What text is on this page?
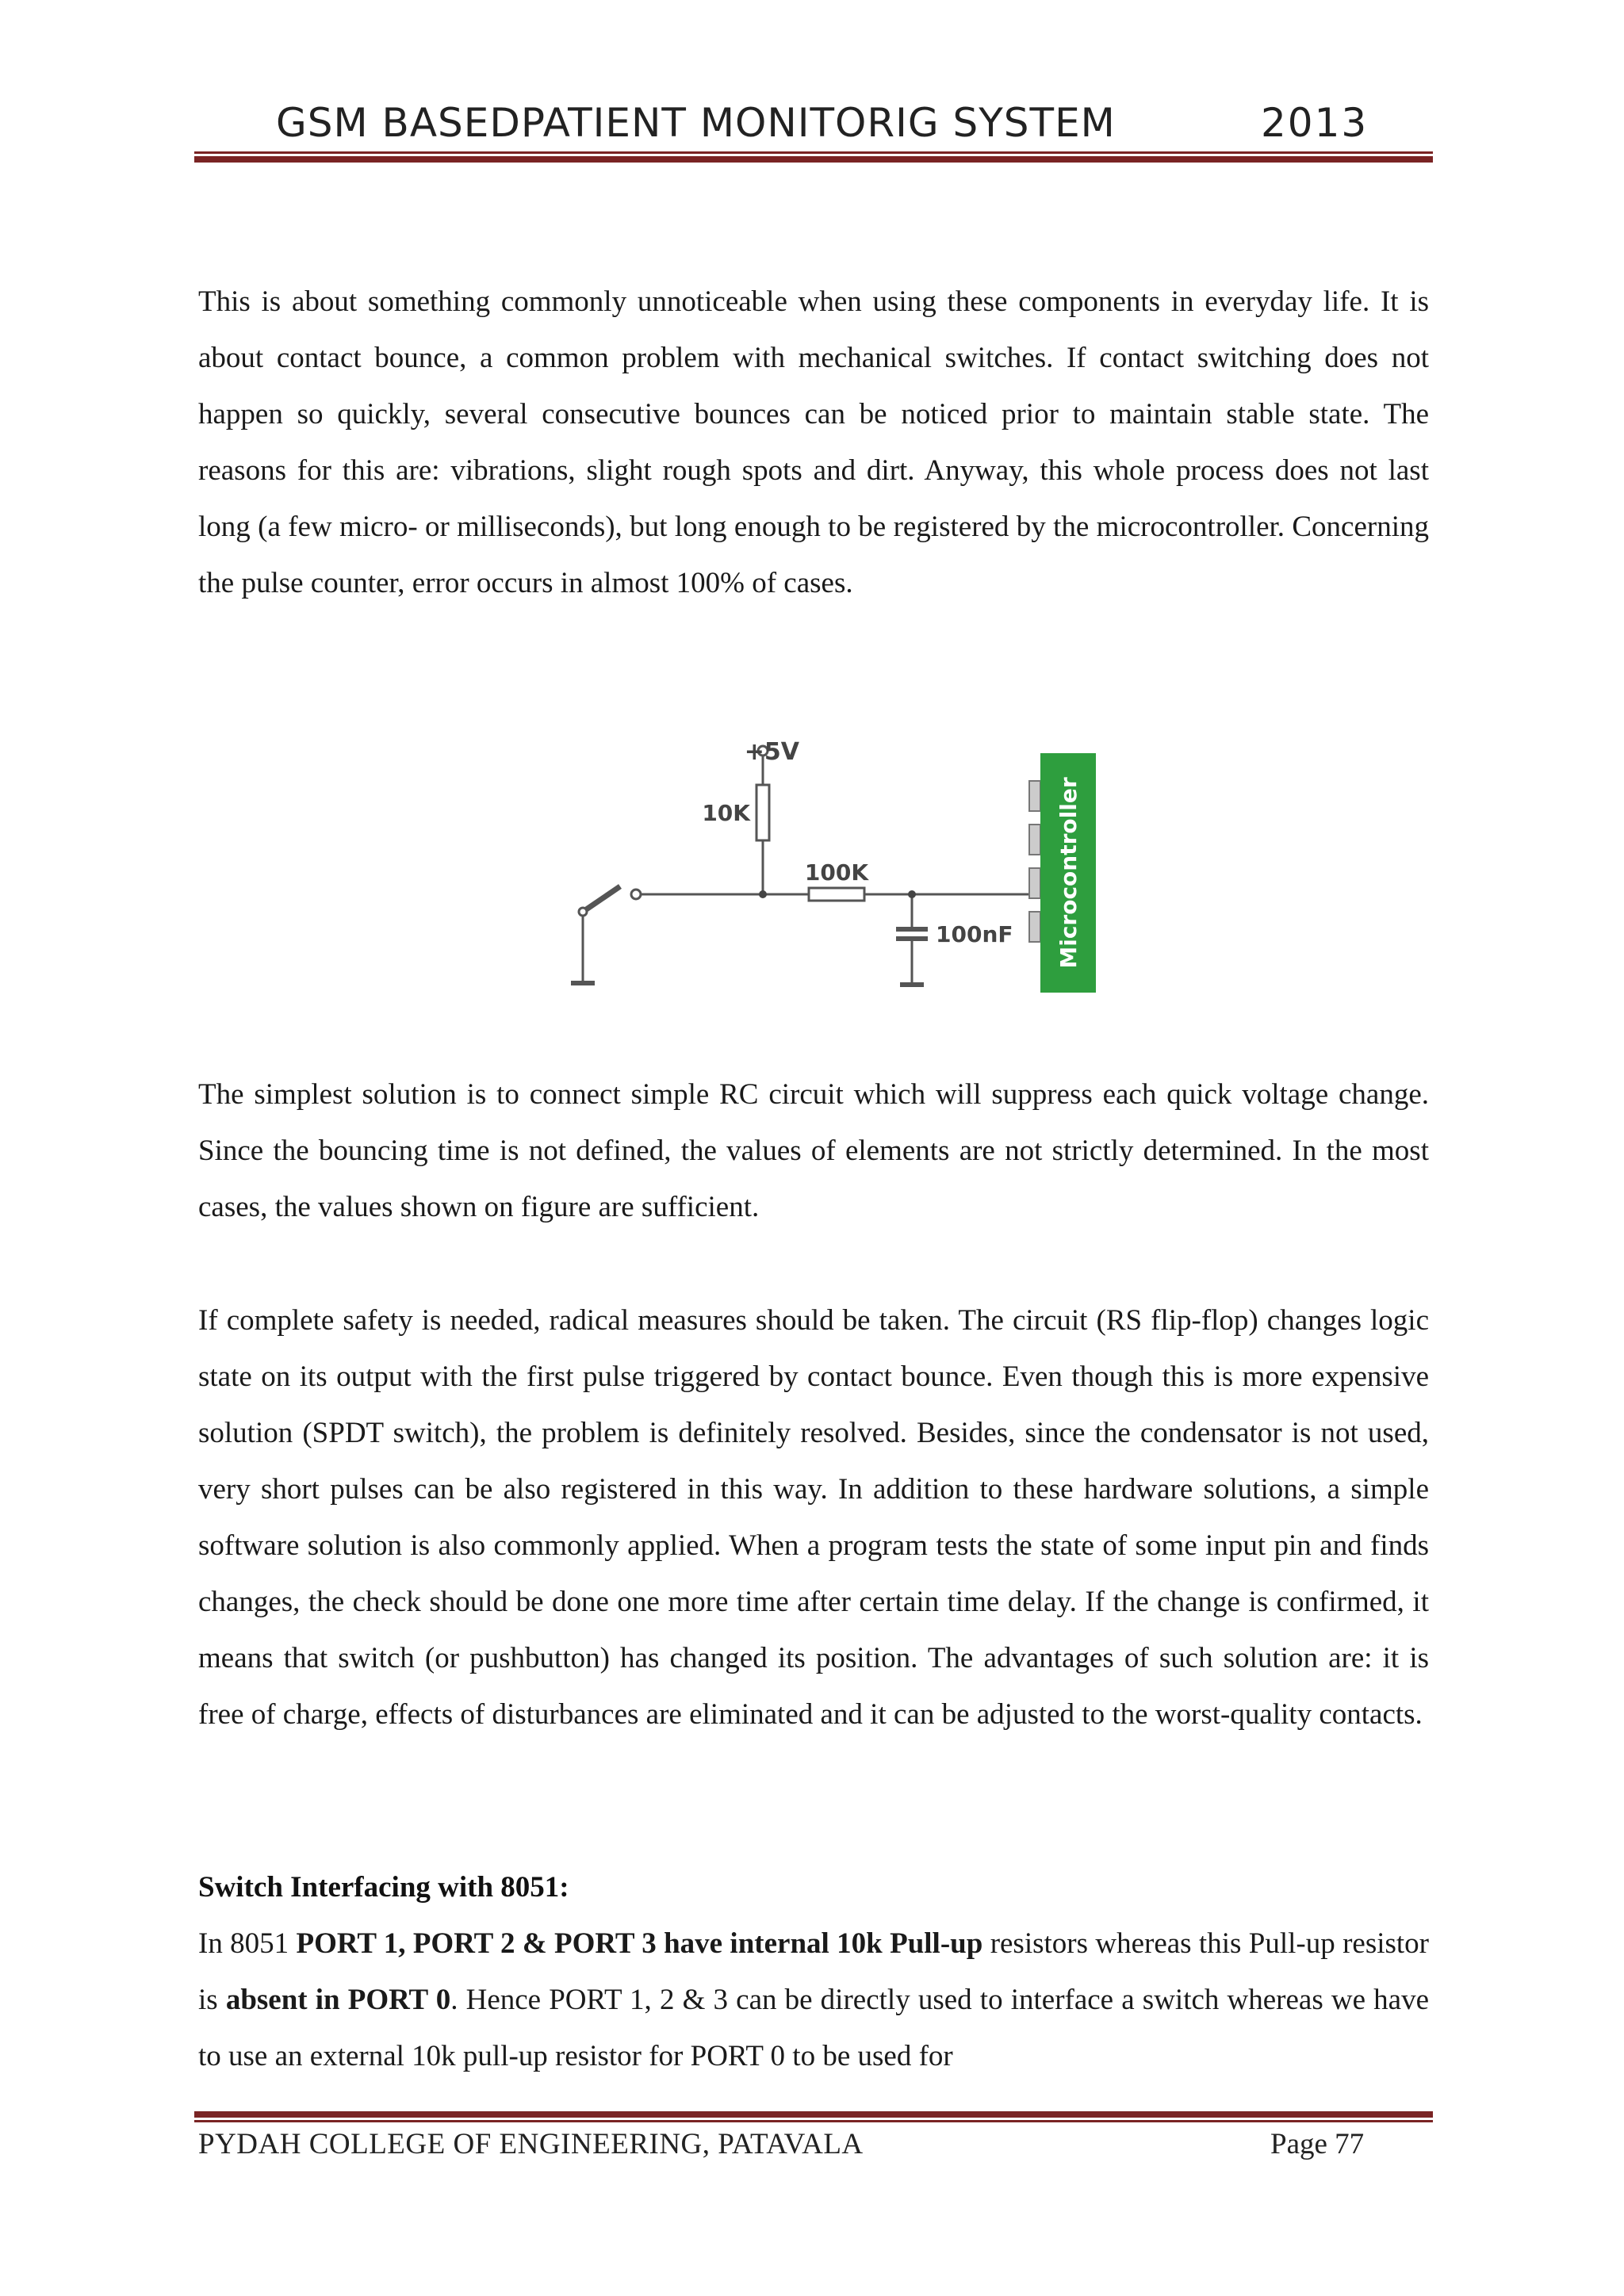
GSM BASEDPATIENT MONITORIG SYSTEM	2013

This is about something commonly unnoticeable when using these components in everyday life. It is about contact bounce, a common problem with mechanical switches. If contact switching does not happen so quickly, several consecutive bounces can be noticed prior to maintain stable state. The reasons for this are: vibrations, slight rough spots and dirt. Anyway, this whole process does not last long (a few micro- or milliseconds), but long enough to be registered by the microcontroller. Concerning the pulse counter, error occurs in almost 100% of cases.

+5V
10K
100K
100nF Microcontroller

The simplest solution is to connect simple RC circuit which will suppress each quick voltage change. Since the bouncing time is not defined, the values of elements are not strictly determined. In the most cases, the values shown on figure are sufficient.

If complete safety is needed, radical measures should be taken. The circuit (RS flip-flop) changes logic state on its output with the first pulse triggered by contact bounce. Even though this is more expensive solution (SPDT switch), the problem is definitely resolved. Besides, since the condensator is not used, very short pulses can be also registered in this way. In addition to these hardware solutions, a simple software solution is also commonly applied. When a program tests the state of some input pin and finds changes, the check should be done one more time after certain time delay. If the change is confirmed, it means that switch (or pushbutton) has changed its position. The advantages of such solution are: it is free of charge, effects of disturbances are eliminated and it can be adjusted to the worst-quality contacts.

Switch Interfacing with 8051:

In 8051 PORT 1, PORT 2 & PORT 3 have internal 10k Pull-up resistors whereas this Pull-up resistor is absent in PORT 0. Hence PORT 1, 2 & 3 can be directly used to interface a switch whereas we have to use an external 10k pull-up resistor for PORT 0 to be used for

PYDAH COLLEGE OF ENGINEERING, PATAVALA	Page 77
